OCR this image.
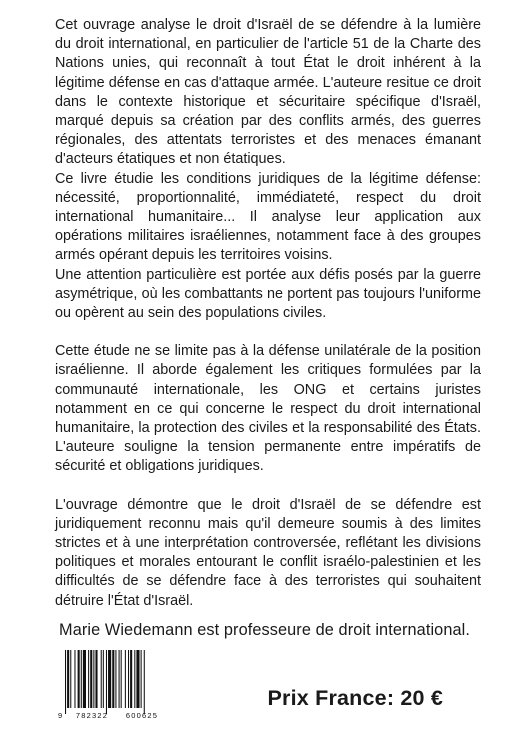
Cet ouvrage analyse le droit d'Israël de se défendre à la lumière du droit international, en particulier de l'article 51 de la Charte des Nations unies, qui reconnaît à tout État le droit inhérent à la légitime défense en cas d'attaque armée. L'auteure resitue ce droit dans le contexte historique et sécuritaire spécifique d'Israël, marqué depuis sa création par des conflits armés, des guerres régionales, des attentats terroristes et des menaces émanant d'acteurs étatiques et non étatiques.

Ce livre étudie les conditions juridiques de la légitime défense: nécessité, proportionnalité, immédiateté, respect du droit international humanitaire... Il analyse leur application aux opérations militaires israéliennes, notamment face à des groupes armés opérant depuis les territoires voisins.

Une attention particulière est portée aux défis posés par la guerre asymétrique, où les combattants ne portent pas toujours l'uniforme ou opèrent au sein des populations civiles.

Cette étude ne se limite pas à la défense unilatérale de la position israélienne. Il aborde également les critiques formulées par la communauté internationale, les ONG et certains juristes notamment en ce qui concerne le respect du droit international humanitaire, la protection des civiles et la responsabilité des États. L'auteure souligne la tension permanente entre impératifs de sécurité et obligations juridiques.

L'ouvrage démontre que le droit d'Israël de se défendre est juridiquement reconnu mais qu'il demeure soumis à des limites strictes et à une interprétation controversée, reflétant les divisions politiques et morales entourant le conflit israélo-palestinien et les difficultés de se défendre face à des terroristes qui souhaitent détruire l'État d'Israël.

Marie Wiedemann est professeure de droit international.
9 782322 600625
Prix France: 20 €
